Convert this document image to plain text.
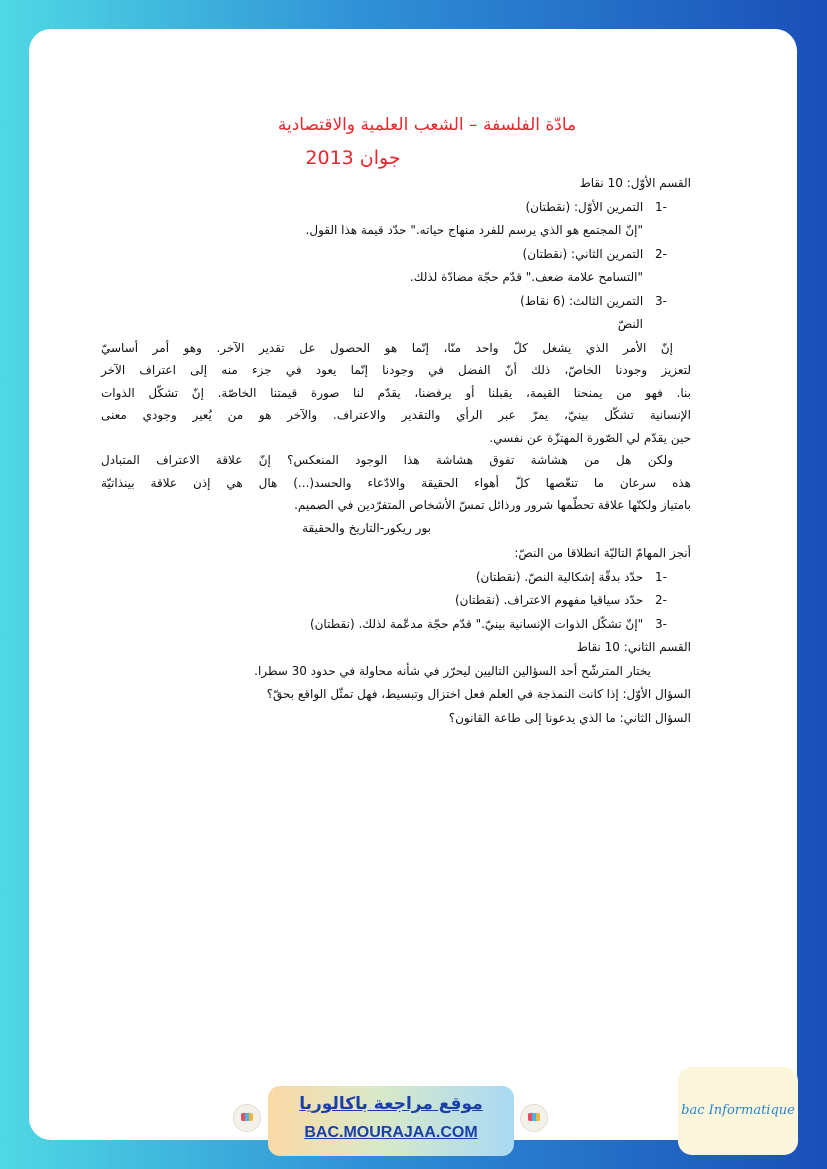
مادّة الفلسفة – الشعب العلمية والاقتصادية
جوان 2013
القسم الأوّل: 10 نقاط
-1 التمرين الأوّل: (نقطتان)
"إنّ المجتمع هو الذي يرسم للفرد منهاج حياته." حدّد قيمة هذا القول.
-2 التمرين الثاني: (نقطتان)
"التسامح علامة ضعف." قدّم حجّة مضادّة لذلك.
-3 التمرين الثالث: (6 نقاط)
النصّ
إنّ الأمر الذي يشغل كلّ واحد منّا، إنّما هو الحصول عل تقدير الآخر. وهو أمر أساسيّ
لتعزيز وجودنا الخاصّ، ذلك أنّ الفضل في وجودنا إنّما يعود في جزء منه إلى اعتراف الآخر
بنا. فهو من يمنحنا القيمة، يقبلنا أو يرفضنا، يقدّم لنا صورة قيمتنا الخاصّة. إنّ تشكّل الذوات
الإنسانية تشكّل بينيّ، يمرّ عبر الرأي والتقدير والاعتراف. والآخر هو من يُعير وجودي معنى
حين يقدّم لي الصّورة المهتزّة عن نفسي.
ولكن هل من هشاشة تفوق هشاشة هذا الوجود المنعكس؟ إنّ علاقة الاعتراف المتبادل
هذه سرعان ما تنغّصها كلّ أهواء الحقيقة والادّعاء والحسد(...) هال هي إذن علاقة بينذاتيّة
بامتياز ولكنّها علاقة تحطّمها شرور ورذائل تمسّ الأشخاص المتفرّدين في الصميم.
بور ريكور-التاريخ والحقيقة
أنجز المهامّ التاليّة انطلاقا من النصّ:
-1 حدّد بدقّة إشكالية النصّ. (نقطتان)
-2 حدّد سياقيا مفهوم الاعتراف. (نقطتان)
-3 "إنّ تشكّل الذوات الإنسانية بينيّ." قدّم حجّة مدعّمة لذلك. (نقطتان)
القسم الثاني: 10 نقاط
يختار المترشّح أحد السؤالين التاليين ليحرّر في شأنه محاولة في حدود 30 سطرا.
السؤال الأوّل: إذا كانت النمذجة في العلم فعل اختزال وتبسيط، فهل تمثّل الواقع بحقّ؟
السؤال الثاني: ما الذي يدعونا إلى طاعة القانون؟
موقع مراجعة باكالوريا
BAC.MOURAJAA.COM
bac Informatique
